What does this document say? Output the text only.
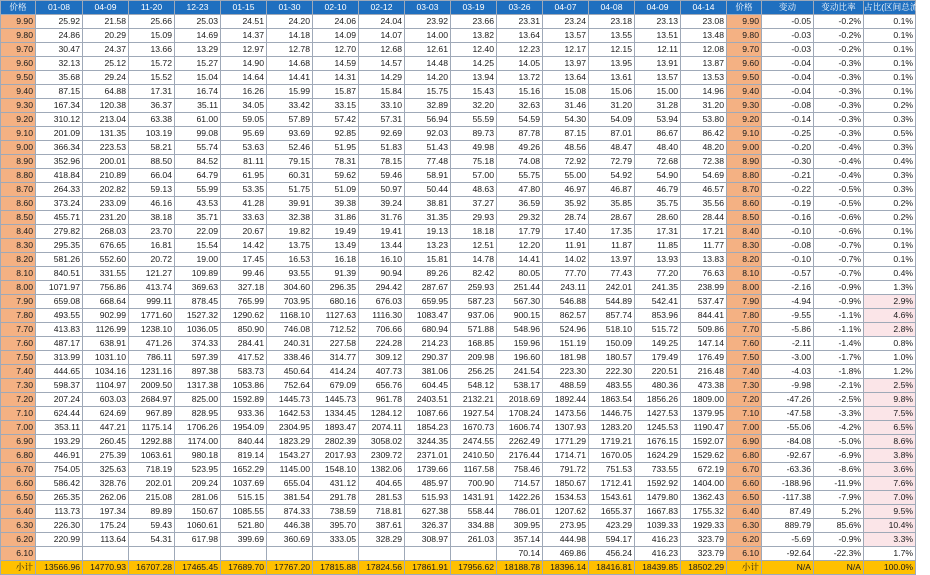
价格	01-08	04-09	11-20	12-23	01-15	01-30	02-10	02-12	03-03	03-19	03-26	04-07	04-08	04-09	04-14	价格	变动	变动比率	占比(区间总流通)
9.90	25.92	21.58	25.66	25.03	24.51	24.20	24.06	24.04	23.92	23.66	23.31	23.24	23.18	23.13	23.08	9.90	-0.05	-0.2%	0.1%
9.80	24.86	20.29	15.09	14.69	14.37	14.18	14.09	14.07	14.00	13.82	13.64	13.57	13.55	13.51	13.48	9.80	-0.03	-0.2%	0.1%
9.70	30.47	24.37	13.66	13.29	12.97	12.78	12.70	12.68	12.61	12.40	12.23	12.17	12.15	12.11	12.08	9.70	-0.03	-0.2%	0.1%
9.60	32.13	25.12	15.72	15.27	14.90	14.68	14.59	14.57	14.48	14.25	14.05	13.97	13.95	13.91	13.87	9.60	-0.04	-0.3%	0.1%
9.50	35.68	29.24	15.52	15.04	14.64	14.41	14.31	14.29	14.20	13.94	13.72	13.64	13.61	13.57	13.53	9.50	-0.04	-0.3%	0.1%
9.40	87.15	64.88	17.31	16.74	16.26	15.99	15.87	15.84	15.75	15.43	15.16	15.08	15.06	15.00	14.96	9.40	-0.04	-0.3%	0.1%
9.30	167.34	120.38	36.37	35.11	34.05	33.42	33.15	33.10	32.89	32.20	32.63	31.46	31.20	31.28	31.20	9.30	-0.08	-0.3%	0.2%
9.20	310.12	213.04	63.38	61.00	59.05	57.89	57.42	57.31	56.94	55.59	54.59	54.30	54.09	53.94	53.80	9.20	-0.14	-0.3%	0.3%
9.10	201.09	131.35	103.19	99.08	95.69	93.69	92.85	92.69	92.03	89.73	87.78	87.15	87.01	86.67	86.42	9.10	-0.25	-0.3%	0.5%
9.00	366.34	223.53	58.21	55.74	53.63	52.46	51.95	51.83	51.43	49.98	49.26	48.56	48.47	48.40	48.20	9.00	-0.20	-0.4%	0.3%
8.90	352.96	200.01	88.50	84.52	81.11	79.15	78.31	78.15	77.48	75.18	74.08	72.92	72.79	72.68	72.38	8.90	-0.30	-0.4%	0.4%
8.80	418.84	210.89	66.04	64.79	61.95	60.31	59.62	59.46	58.91	57.00	55.75	55.00	54.92	54.90	54.69	8.80	-0.21	-0.4%	0.3%
8.70	264.33	202.82	59.13	55.99	53.35	51.75	51.09	50.97	50.44	48.63	47.80	46.97	46.87	46.79	46.57	8.70	-0.22	-0.5%	0.3%
8.60	373.24	233.09	46.16	43.53	41.28	39.91	39.38	39.24	38.81	37.27	36.59	35.92	35.85	35.75	35.56	8.60	-0.19	-0.5%	0.2%
8.50	455.71	231.20	38.18	35.71	33.63	32.38	31.86	31.76	31.35	29.93	29.32	28.74	28.67	28.60	28.44	8.50	-0.16	-0.6%	0.2%
8.40	279.82	268.03	23.70	22.09	20.67	19.82	19.49	19.41	19.13	18.18	17.79	17.40	17.35	17.31	17.21	8.40	-0.10	-0.6%	0.1%
8.30	295.35	676.65	16.81	15.54	14.42	13.75	13.49	13.44	13.23	12.51	12.20	11.91	11.87	11.85	11.77	8.30	-0.08	-0.7%	0.1%
8.20	581.26	552.60	20.72	19.00	17.45	16.53	16.18	16.10	15.81	14.78	14.41	14.02	13.97	13.93	13.83	8.20	-0.10	-0.7%	0.1%
8.10	840.51	331.55	121.27	109.89	99.46	93.55	91.39	90.94	89.26	82.42	80.05	77.70	77.43	77.20	76.63	8.10	-0.57	-0.7%	0.4%
8.00	1071.97	756.86	413.74	369.63	327.18	304.60	296.35	294.42	287.67	259.93	251.44	243.11	242.01	241.35	238.99	8.00	-2.16	-0.9%	1.3%
7.90	659.08	668.64	999.11	878.45	765.99	703.95	680.16	676.03	659.95	587.23	567.30	546.88	544.89	542.41	537.47	7.90	-4.94	-0.9%	2.9%
7.80	493.55	902.99	1771.60	1527.32	1290.62	1168.10	1127.63	1116.30	1083.47	937.06	900.15	862.57	857.74	853.96	844.41	7.80	-9.55	-1.1%	4.6%
7.70	413.83	1126.99	1238.10	1036.05	850.90	746.08	712.52	706.66	680.94	571.88	548.96	524.96	518.10	515.72	509.86	7.70	-5.86	-1.1%	2.8%
7.60	487.17	638.91	471.26	374.33	284.41	240.31	227.58	224.28	214.23	168.85	159.96	151.19	150.09	149.25	147.14	7.60	-2.11	-1.4%	0.8%
7.50	313.99	1031.10	786.11	597.39	417.52	338.46	314.77	309.12	290.37	209.98	196.60	181.98	180.57	179.49	176.49	7.50	-3.00	-1.7%	1.0%
7.40	444.65	1034.16	1231.16	897.38	583.73	450.64	414.24	407.73	381.06	256.25	241.54	223.30	222.30	220.51	216.48	7.40	-4.03	-1.8%	1.2%
7.30	598.37	1104.97	2009.50	1317.38	1053.86	752.64	679.09	656.76	604.45	548.12	538.17	488.59	483.55	480.36	473.38	7.30	-9.98	-2.1%	2.5%
7.20	207.24	603.03	2684.97	825.00	1592.89	1445.73	1445.73	961.78	2403.51	2132.21	2018.69	1892.44	1863.54	1856.26	1809.00	7.20	-47.26	-2.5%	9.8%
7.10	624.44	624.69	967.89	828.95	933.36	1642.53	1334.45	1284.12	1087.66	1927.54	1708.24	1473.56	1446.75	1427.53	1379.95	7.10	-47.58	-3.3%	7.5%
7.00	353.11	447.21	1175.14	1706.26	1954.09	2304.95	1893.47	2074.11	1854.23	1670.73	1606.74	1307.93	1283.20	1245.53	1190.47	7.00	-55.06	-4.2%	6.5%
6.90	193.29	260.45	1292.88	1174.00	840.44	1823.29	2802.39	3058.02	3244.35	2474.55	2262.49	1771.29	1719.21	1676.15	1592.07	6.90	-84.08	-5.0%	8.6%
6.80	446.91	275.39	1063.61	980.18	819.14	1543.27	2017.93	2309.72	2371.01	2410.50	2176.44	1714.71	1670.05	1624.29	1529.62	6.80	-92.67	-6.9%	3.8%
6.70	754.05	325.63	718.19	523.95	1652.29	1145.00	1548.10	1382.06	1739.66	1167.58	758.46	791.72	751.53	733.55	672.19	6.70	-63.36	-8.6%	3.6%
6.60	586.42	328.76	202.01	209.24	1037.69	655.04	431.12	404.65	485.97	700.90	714.57	1850.67	1712.41	1592.92	1404.00	6.60	-188.96	-11.9%	7.6%
6.50	265.35	262.06	215.08	281.06	515.15	381.54	291.78	281.53	515.93	1431.91	1422.26	1534.53	1543.61	1479.80	1362.43	6.50	-117.38	-7.9%	7.0%
6.40	113.73	197.34	89.89	150.67	1085.55	874.33	738.59	718.81	627.38	558.44	786.01	1207.62	1655.37	1667.83	1755.32	6.40	87.49	5.2%	9.5%
6.30	226.30	175.24	59.43	1060.61	521.80	446.38	395.70	387.61	326.37	334.88	309.95	273.95	423.29	1039.33	1929.33	6.30	889.79	85.6%	10.4%
6.20	220.99	113.64	54.31	617.98	399.69	360.69	333.05	328.29	308.97	261.03	357.14	444.98	594.17	416.23	323.79	6.20	-5.69	-0.9%	3.3%
6.10											70.14	469.86	456.24	416.23	323.79	6.10	-92.64	-22.3%	1.7%
小计	13566.96	14770.93	16707.28	17465.45	17689.70	17767.20	17815.88	17824.56	17861.91	17956.62	18188.78	18396.14	18416.81	18439.85	18502.29	小计	N/A	N/A	100.0%
